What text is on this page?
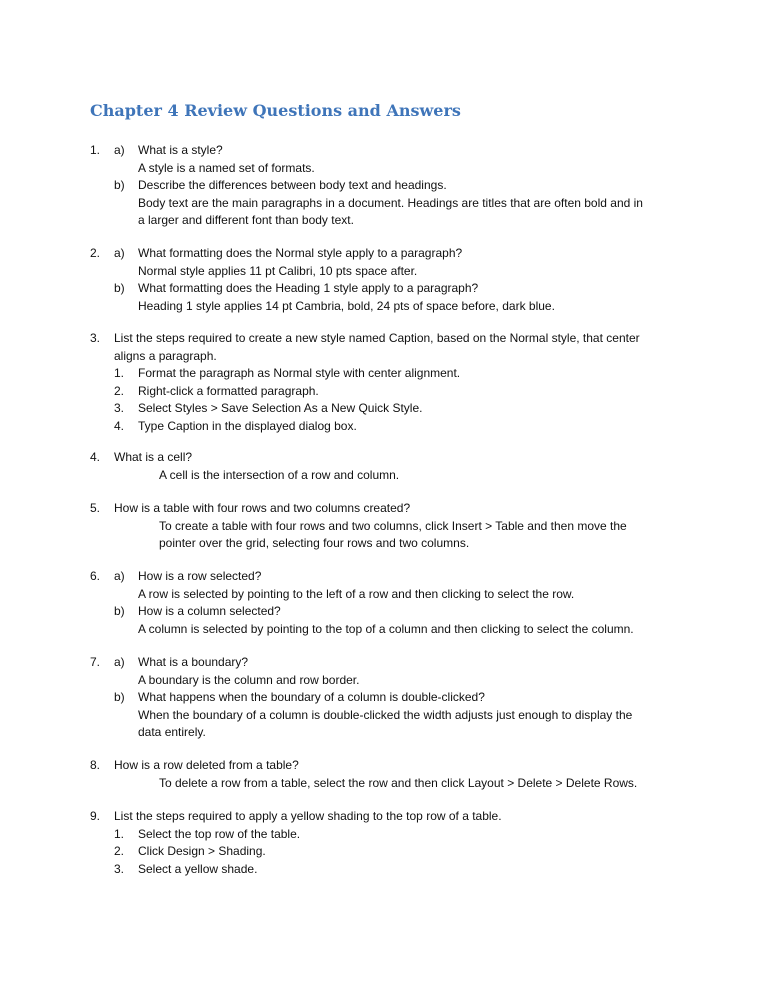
Chapter 4 Review Questions and Answers
1.	a)	What is a style?
A style is a named set of formats.
b)	Describe the differences between body text and headings.
Body text are the main paragraphs in a document. Headings are titles that are often bold and in
a larger and different font than body text.
2.	a)	What formatting does the Normal style apply to a paragraph?
Normal style applies 11 pt Calibri, 10 pts space after.
b)	What formatting does the Heading 1 style apply to a paragraph?
Heading 1 style applies 14 pt Cambria, bold, 24 pts of space before, dark blue.
3.	List the steps required to create a new style named Caption, based on the Normal style, that center
aligns a paragraph.
1.	Format the paragraph as Normal style with center alignment.
2.	Right-click a formatted paragraph.
3.	Select Styles > Save Selection As a New Quick Style.
4.	Type Caption in the displayed dialog box.
4.	What is a cell?
A cell is the intersection of a row and column.
5.	How is a table with four rows and two columns created?
To create a table with four rows and two columns, click Insert > Table and then move the
pointer over the grid, selecting four rows and two columns.
6.	a)	How is a row selected?
A row is selected by pointing to the left of a row and then clicking to select the row.
b)	How is a column selected?
A column is selected by pointing to the top of a column and then clicking to select the column.
7.	a)	What is a boundary?
A boundary is the column and row border.
b)	What happens when the boundary of a column is double-clicked?
When the boundary of a column is double-clicked the width adjusts just enough to display the
data entirely.
8.	How is a row deleted from a table?
To delete a row from a table, select the row and then click Layout > Delete > Delete Rows.
9.	List the steps required to apply a yellow shading to the top row of a table.
1.	Select the top row of the table.
2.	Click Design > Shading.
3.	Select a yellow shade.
